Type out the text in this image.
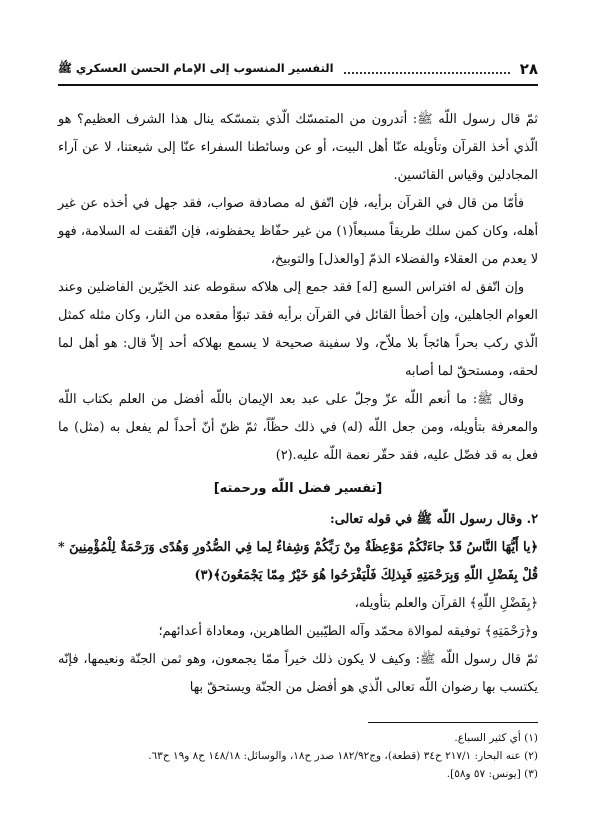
٢٨
التفسير المنسوب إلى الإمام الحسن العسكري ﷺ

ثمّ قال رسول اللّه ﷺ: أتدرون من المتمسّك الّذي بتمسّكه ينال هذا الشرف العظيم؟ هو الّذي أخذ القرآن وتأويله عنّا أهل البيت، أو عن وسائطنا السفراء عنّا إلى شيعتنا، لا عن آراء المجادلين وقياس القائسين.

فأمّا من قال في القرآن برأيه، فإن اتّفق له مصادفة صواب، فقد جهل في أخذه عن غير أهله، وكان كمن سلك طريقاً مسبعاً(١) من غير حفّاظ يحفظونه، فإن اتّفقت له السلامة، فهو لا يعدم من العقلاء والفضلاء الذمّ [والعذل] والتوبيخ،

وإن اتّفق له افتراس السبع [له] فقد جمع إلى هلاكه سقوطه عند الخيّرين الفاضلين وعند العوام الجاهلين، وإن أخطأ القائل في القرآن برأيه فقد تبوّأ مقعده من النار، وكان مثله كمثل الّذي ركب بحراً هائجاً بلا ملاّح، ولا سفينة صحيحة لا يسمع بهلاكه أحد إلاّ قال: هو أهل لما لحقه، ومستحقّ لما أصابه

وقال ﷺ: ما أنعم اللّه عزّ وجلّ على عبد بعد الإيمان باللّه أفضل من العلم بكتاب اللّه والمعرفة بتأويله، ومن جعل اللّه (له) في ذلك حظّاً، ثمّ ظنّ أنّ أحداً لم يفعل به (مثل) ما فعل به قد فضّل عليه، فقد حقّر نعمة اللّه عليه.(٢)

[تفسير فضل اللّه ورحمته]

٢. وقال رسول اللّه ﷺ في قوله تعالى:

﴿يا أَيُّهَا النَّاسُ قَدْ جاءَتْكُمْ مَوْعِظَةٌ مِنْ رَبِّكُمْ وَشِفاءٌ لِما فِي الصُّدُورِ وَهُدًى وَرَحْمَةٌ لِلْمُؤْمِنِينَ * قُلْ بِفَضْلِ اللّهِ وَبِرَحْمَتِهِ فَبِذلِكَ فَلْيَفْرَحُوا هُوَ خَيْرٌ مِمّا يَجْمَعُونَ﴾(٣)

﴿بِفَضْلِ اللّهِ﴾ القرآن والعلم بتأويله،

و﴿رَحْمَتِهِ﴾ توفيقه لموالاة محمّد وآله الطيّبين الطاهرين، ومعاداة أعدائهم؛

ثمّ قال رسول اللّه ﷺ: وكيف لا يكون ذلك خيراً ممّا يجمعون، وهو ثمن الجنّة ونعيمها، فإنّه يكتسب بها رضوان اللّه تعالى الّذي هو أفضل من الجنّة ويستحقّ بها

(١) أي كثير السباع.
(٢) عنه البحار: ٢١٧/١ ح٣٤ (قطعة)، وج١٨٢/٩٢ صدر ح١٨، والوسائل: ١٤٨/١٨ ح٨ و١٩ ح٦٣.
(٣) [يونس: ٥٧ و٥٨].
